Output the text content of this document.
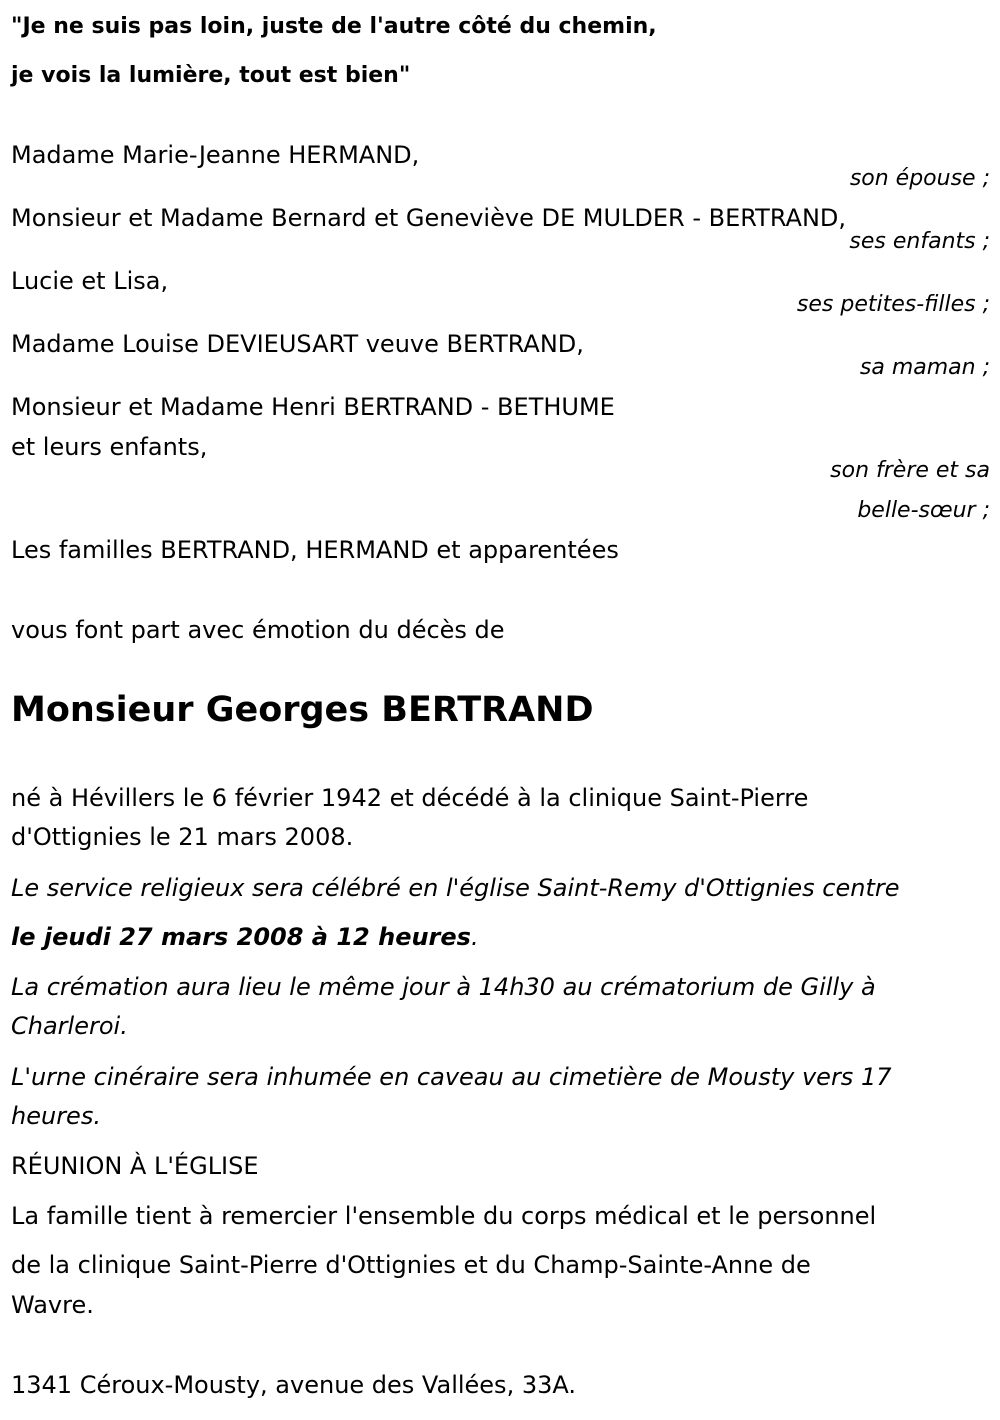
"Je ne suis pas loin, juste de l'autre côté du chemin,
je vois la lumière, tout est bien"
Madame Marie-Jeanne HERMAND,
son épouse ;
Monsieur et Madame Bernard et Geneviève DE MULDER - BERTRAND,
ses enfants ;
Lucie et Lisa,
ses petites-filles ;
Madame Louise DEVIEUSART veuve BERTRAND,
sa maman ;
Monsieur et Madame Henri BERTRAND - BETHUME
et leurs enfants,
son frère et sa
belle-sœur ;
Les familles BERTRAND, HERMAND et apparentées
vous font part avec émotion du décès de
Monsieur Georges BERTRAND
né à Hévillers le 6 février 1942 et décédé à la clinique Saint-Pierre
d'Ottignies le 21 mars 2008.
Le service religieux sera célébré en l'église Saint-Remy d'Ottignies centre
le jeudi 27 mars 2008 à 12 heures.
La crémation aura lieu le même jour à 14h30 au crématorium de Gilly à
Charleroi.
L'urne cinéraire sera inhumée en caveau au cimetière de Mousty vers 17
heures.
RÉUNION À L'ÉGLISE
La famille tient à remercier l'ensemble du corps médical et le personnel
de la clinique Saint-Pierre d'Ottignies et du Champ-Sainte-Anne de
Wavre.
1341 Céroux-Mousty, avenue des Vallées, 33A.
